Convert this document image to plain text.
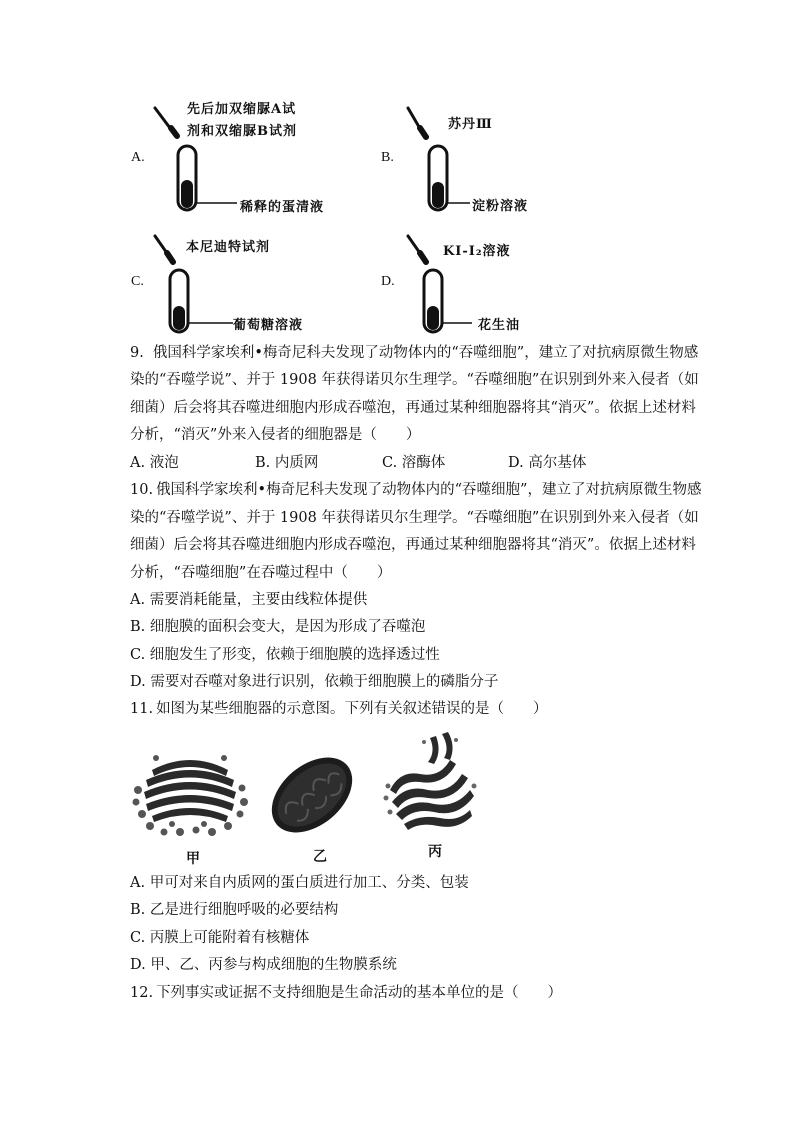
A.
先后加双缩脲A试
剂和双缩脲B试剂
稀释的蛋清液
B.
苏丹Ⅲ
淀粉溶液
C.
本尼迪特试剂
葡萄糖溶液
D.
KI-I₂溶液
花生油
9. 俄国科学家埃利•梅奇尼科夫发现了动物体内的“吞噬细胞”，建立了对抗病原微生物感
染的“吞噬学说”、并于 1908 年获得诺贝尔生理学。“吞噬细胞”在识别到外来入侵者（如
细菌）后会将其吞噬进细胞内形成吞噬泡，再通过某种细胞器将其“消灭”。依据上述材料
分析，“消灭”外来入侵者的细胞器是（　　）
A. 液泡	B. 内质网	C. 溶酶体	D. 高尔基体
10. 俄国科学家埃利•梅奇尼科夫发现了动物体内的“吞噬细胞”，建立了对抗病原微生物感
染的“吞噬学说”、并于 1908 年获得诺贝尔生理学。“吞噬细胞”在识别到外来入侵者（如
细菌）后会将其吞噬进细胞内形成吞噬泡，再通过某种细胞器将其“消灭”。依据上述材料
分析，“吞噬细胞”在吞噬过程中（　　）
A. 需要消耗能量，主要由线粒体提供
B. 细胞膜的面积会变大，是因为形成了吞噬泡
C. 细胞发生了形变，依赖于细胞膜的选择透过性
D. 需要对吞噬对象进行识别，依赖于细胞膜上的磷脂分子
11. 如图为某些细胞器的示意图。下列有关叙述错误的是（　　）
甲	乙	丙
A. 甲可对来自内质网的蛋白质进行加工、分类、包装
B. 乙是进行细胞呼吸的必要结构
C. 丙膜上可能附着有核糖体
D. 甲、乙、丙参与构成细胞的生物膜系统
12. 下列事实或证据不支持细胞是生命活动的基本单位的是（　　）
